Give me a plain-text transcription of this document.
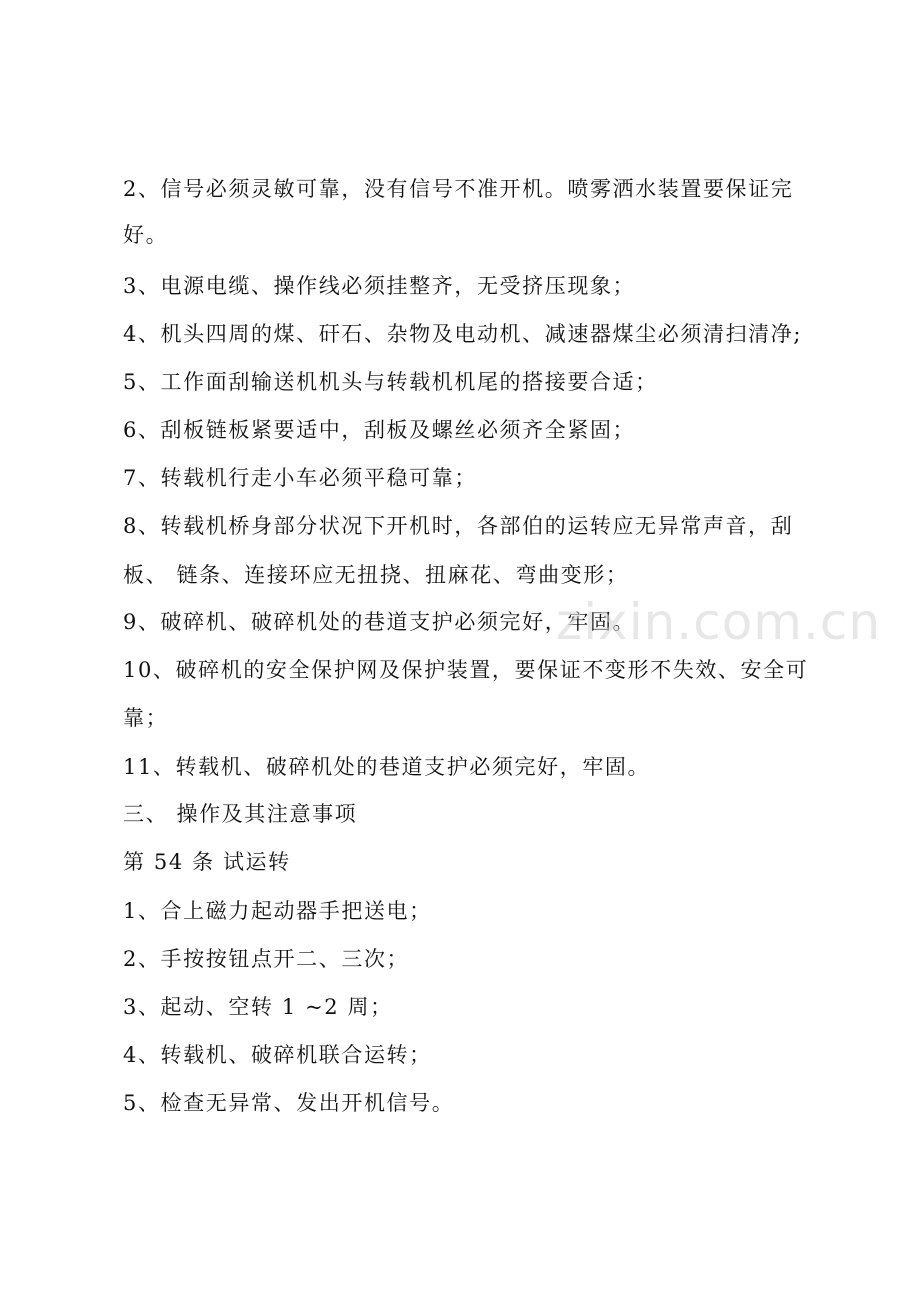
2、信号必须灵敏可靠，没有信号不准开机。喷雾洒水装置要保证完
好。
3、电源电缆、操作线必须挂整齐，无受挤压现象；
4、机头四周的煤、矸石、杂物及电动机、减速器煤尘必须清扫清净;
5、工作面刮输送机机头与转载机机尾的搭接要合适；
6、刮板链板紧要适中，刮板及螺丝必须齐全紧固；
7、转载机行走小车必须平稳可靠；
8、转载机桥身部分状况下开机时，各部伯的运转应无异常声音，刮
板、 链条、连接环应无扭挠、扭麻花、弯曲变形；
9、破碎机、破碎机处的巷道支护必须完好，牢固。
10、破碎机的安全保护网及保护装置，要保证不变形不失效、安全可
靠；
11、转载机、破碎机处的巷道支护必须完好，牢固。
三、 操作及其注意事项
第 54 条 试运转
1、合上磁力起动器手把送电；
2、手按按钮点开二、三次；
3、起动、空转 1 ~2 周；
4、转载机、破碎机联合运转；
5、检查无异常、发出开机信号。
zixin.com.cn
